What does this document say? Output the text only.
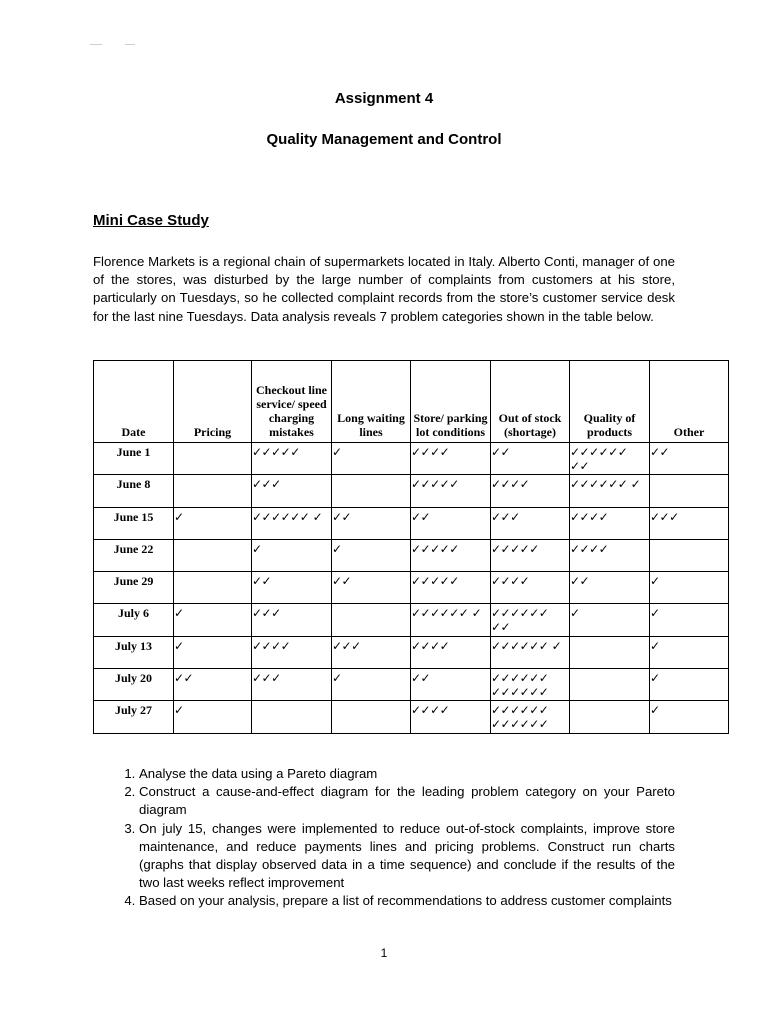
Assignment 4
Quality Management and Control
Mini Case Study

Florence Markets is a regional chain of supermarkets located in Italy. Alberto Conti, manager of one of the stores, was disturbed by the large number of complaints from customers at his store, particularly on Tuesdays, so he collected complaint records from the store’s customer service desk for the last nine Tuesdays. Data analysis reveals 7 problem categories shown in the table below.

Date	Pricing	Checkout line service/ speed charging mistakes	Long waiting lines	Store/ parking lot conditions	Out of stock (shortage)	Quality of products	Other
June 1		✓✓✓✓✓	✓	✓✓✓✓	✓✓	✓✓✓✓✓✓ ✓✓	✓✓
June 8		✓✓✓		✓✓✓✓✓	✓✓✓✓	✓✓✓✓✓✓ ✓	
June 15	✓	✓✓✓✓✓✓ ✓	✓✓	✓✓	✓✓✓	✓✓✓✓	✓✓✓
June 22		✓	✓	✓✓✓✓✓	✓✓✓✓✓	✓✓✓✓	
June 29		✓✓	✓✓	✓✓✓✓✓	✓✓✓✓	✓✓	✓
July 6	✓	✓✓✓		✓✓✓✓✓✓ ✓	✓✓✓✓✓✓ ✓✓	✓	✓
July 13	✓	✓✓✓✓	✓✓✓	✓✓✓✓	✓✓✓✓✓✓ ✓		✓
July 20	✓✓	✓✓✓	✓	✓✓	✓✓✓✓✓✓ ✓✓✓✓✓✓		✓
July 27	✓			✓✓✓✓	✓✓✓✓✓✓ ✓✓✓✓✓✓		✓
1. Analyse the data using a Pareto diagram
2. Construct a cause-and-effect diagram for the leading problem category on your Pareto diagram
3. On july 15, changes were implemented to reduce out-of-stock complaints, improve store maintenance, and reduce payments lines and pricing problems. Construct run charts (graphs that display observed data in a time sequence) and conclude if the results of the two last weeks reflect improvement
4. Based on your analysis, prepare a list of recommendations to address customer complaints
1
